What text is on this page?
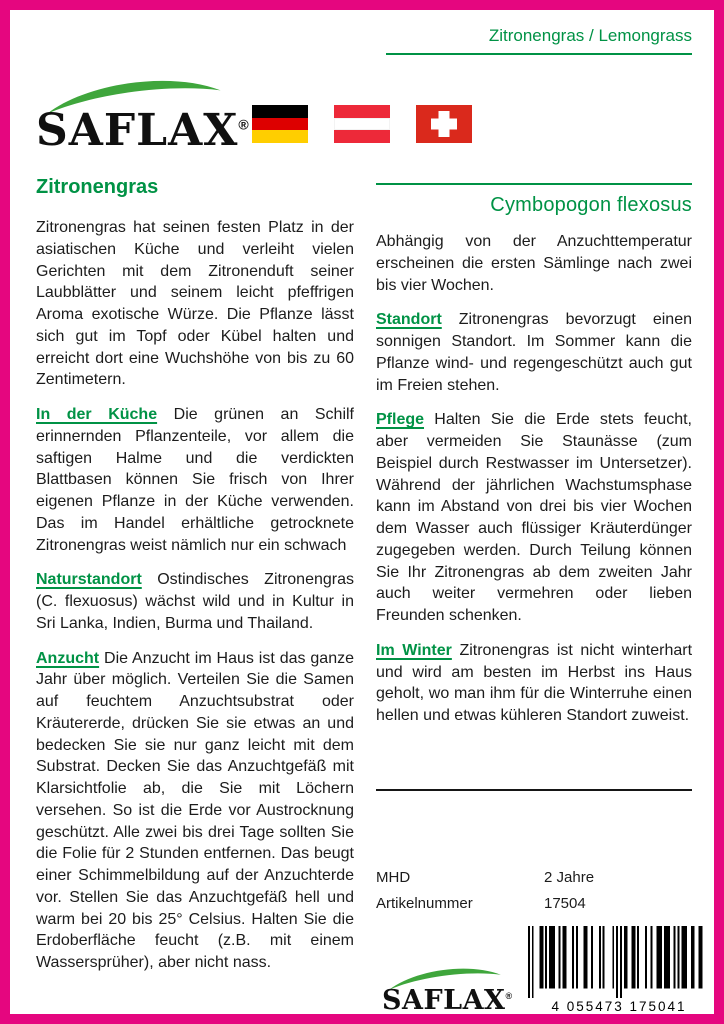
Zitronengras / Lemongrass
SAFLAX®
Zitronengras

Zitronengras hat seinen festen Platz in der asiatischen Küche und verleiht vielen Gerichten mit dem Zitronenduft seiner Laubblätter und seinem leicht pfeffrigen Aroma exotische Würze. Die Pflanze lässt sich gut im Topf oder Kübel halten und erreicht dort eine Wuchshöhe von bis zu 60 Zentimetern.

In der Küche Die grünen an Schilf erinnernden Pflanzenteile, vor allem die saftigen Halme und die verdickten Blattbasen können Sie frisch von Ihrer eigenen Pflanze in der Küche verwenden. Das im Handel erhältliche getrocknete Zitronengras weist nämlich nur ein schwach

Naturstandort Ostindisches Zitronengras (C. flexuosus) wächst wild und in Kultur in Sri Lanka, Indien, Burma und Thailand.

Anzucht Die Anzucht im Haus ist das ganze Jahr über möglich. Verteilen Sie die Samen auf feuchtem Anzuchtsubstrat oder Kräutererde, drücken Sie sie etwas an und bedecken Sie sie nur ganz leicht mit dem Substrat. Decken Sie das Anzuchtgefäß mit Klarsichtfolie ab, die Sie mit Löchern versehen. So ist die Erde vor Austrocknung geschützt. Alle zwei bis drei Tage sollten Sie die Folie für 2 Stunden entfernen. Das beugt einer Schimmelbildung auf der Anzuchterde vor. Stellen Sie das Anzuchtgefäß hell und warm bei 20 bis 25° Celsius. Halten Sie die Erdoberfläche feucht (z.B. mit einem Wassersprüher), aber nicht nass.

Cymbopogon flexosus

Abhängig von der Anzuchttemperatur erscheinen die ersten Sämlinge nach zwei bis vier Wochen.

Standort Zitronengras bevorzugt einen sonnigen Standort. Im Sommer kann die Pflanze wind- und regengeschützt auch gut im Freien stehen.

Pflege Halten Sie die Erde stets feucht, aber vermeiden Sie Staunässe (zum Beispiel durch Restwasser im Untersetzer). Während der jährlichen Wachstumsphase kann im Abstand von drei bis vier Wochen dem Wasser auch flüssiger Kräuterdünger zugegeben werden. Durch Teilung können Sie Ihr Zitronengras ab dem zweiten Jahr auch weiter vermehren oder lieben Freunden schenken.

Im Winter Zitronengras ist nicht winterhart und wird am besten im Herbst ins Haus geholt, wo man ihm für die Winterruhe einen hellen und etwas kühleren Standort zuweist.

MHD	2 Jahre
Artikelnummer	17504
SAFLAX®
4 055473 175041
